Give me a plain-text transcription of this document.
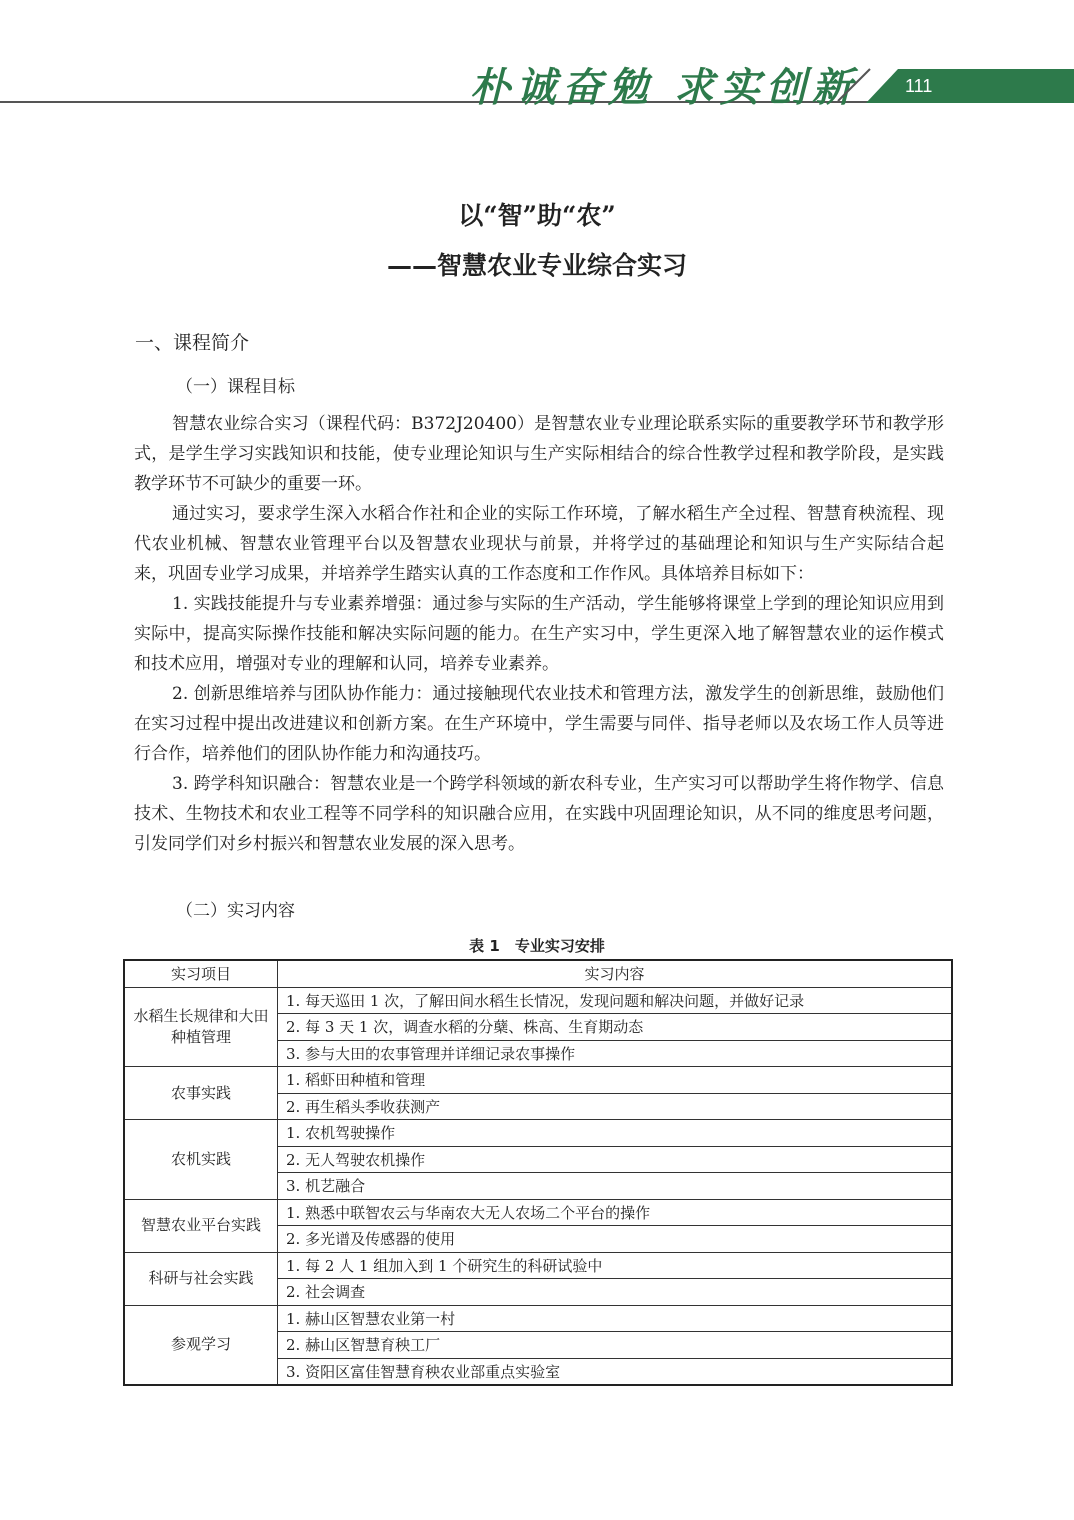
朴诚奋勉 求实创新	111
以“智”助“农”
——智慧农业专业综合实习
一、课程简介
（一）课程目标

智慧农业综合实习（课程代码：B372J20400）是智慧农业专业理论联系实际的重要教学环节和教学形式，是学生学习实践知识和技能，使专业理论知识与生产实际相结合的综合性教学过程和教学阶段，是实践教学环节不可缺少的重要一环。

通过实习，要求学生深入水稻合作社和企业的实际工作环境，了解水稻生产全过程、智慧育秧流程、现代农业机械、智慧农业管理平台以及智慧农业现状与前景，并将学过的基础理论和知识与生产实际结合起来，巩固专业学习成果，并培养学生踏实认真的工作态度和工作作风。具体培养目标如下：

1. 实践技能提升与专业素养增强：通过参与实际的生产活动，学生能够将课堂上学到的理论知识应用到实际中，提高实际操作技能和解决实际问题的能力。在生产实习中，学生更深入地了解智慧农业的运作模式和技术应用，增强对专业的理解和认同，培养专业素养。

2. 创新思维培养与团队协作能力：通过接触现代农业技术和管理方法，激发学生的创新思维，鼓励他们在实习过程中提出改进建议和创新方案。在生产环境中，学生需要与同伴、指导老师以及农场工作人员等进行合作，培养他们的团队协作能力和沟通技巧。

3. 跨学科知识融合：智慧农业是一个跨学科领域的新农科专业，生产实习可以帮助学生将作物学、信息技术、生物技术和农业工程等不同学科的知识融合应用，在实践中巩固理论知识，从不同的维度思考问题，引发同学们对乡村振兴和智慧农业发展的深入思考。

（二）实习内容
表 1　专业实习安排
实习项目	实习内容
水稻生长规律和大田种植管理	1. 每天巡田 1 次，了解田间水稻生长情况，发现问题和解决问题，并做好记录
	2. 每 3 天 1 次，调查水稻的分蘖、株高、生育期动态
	3. 参与大田的农事管理并详细记录农事操作
农事实践	1. 稻虾田种植和管理
	2. 再生稻头季收获测产
农机实践	1. 农机驾驶操作
	2. 无人驾驶农机操作
	3. 机艺融合
智慧农业平台实践	1. 熟悉中联智农云与华南农大无人农场二个平台的操作
	2. 多光谱及传感器的使用
科研与社会实践	1. 每 2 人 1 组加入到 1 个研究生的科研试验中
	2. 社会调查
参观学习	1. 赫山区智慧农业第一村
	2. 赫山区智慧育秧工厂
	3. 资阳区富佳智慧育秧农业部重点实验室
